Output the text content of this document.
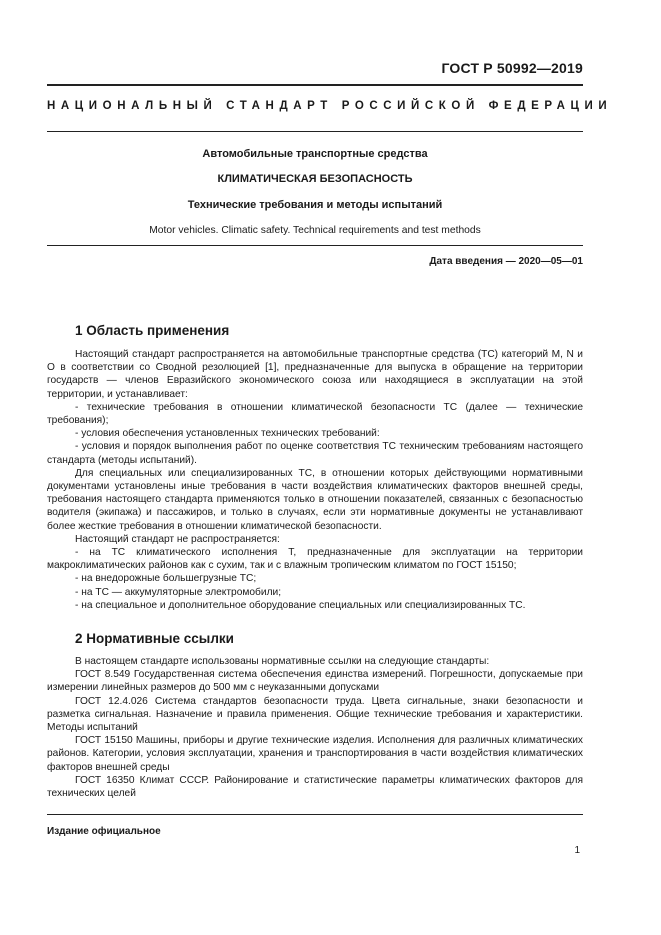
ГОСТ Р 50992—2019
НАЦИОНАЛЬНЫЙ СТАНДАРТ РОССИЙСКОЙ ФЕДЕРАЦИИ
Автомобильные транспортные средства
КЛИМАТИЧЕСКАЯ БЕЗОПАСНОСТЬ
Технические требования и методы испытаний
Motor vehicles. Climatic safety. Technical requirements and test methods
Дата введения — 2020—05—01
1 Область применения

Настоящий стандарт распространяется на автомобильные транспортные средства (ТС) категорий M, N и O в соответствии со Сводной резолюцией [1], предназначенные для выпуска в обращение на территории государств — членов Евразийского экономического союза или находящиеся в эксплуатации на этой территории, и устанавливает:

- технические требования в отношении климатической безопасности ТС (далее — технические требования);

- условия обеспечения установленных технических требований:

- условия и порядок выполнения работ по оценке соответствия ТС техническим требованиям настоящего стандарта (методы испытаний).

Для специальных или специализированных ТС, в отношении которых действующими нормативными документами установлены иные требования в части воздействия климатических факторов внешней среды, требования настоящего стандарта применяются только в отношении показателей, связанных с безопасностью водителя (экипажа) и пассажиров, и только в случаях, если эти нормативные документы не устанавливают более жесткие требования в отношении климатической безопасности.

Настоящий стандарт не распространяется:

- на ТС климатического исполнения Т, предназначенные для эксплуатации на территории макроклиматических районов как с сухим, так и с влажным тропическим климатом по ГОСТ 15150;

- на внедорожные большегрузные ТС;

- на ТС — аккумуляторные электромобили;

- на специальное и дополнительное оборудование специальных или специализированных ТС.

2 Нормативные ссылки

В настоящем стандарте использованы нормативные ссылки на следующие стандарты:

ГОСТ 8.549 Государственная система обеспечения единства измерений. Погрешности, допускаемые при измерении линейных размеров до 500 мм с неуказанными допусками

ГОСТ 12.4.026 Система стандартов безопасности труда. Цвета сигнальные, знаки безопасности и разметка сигнальная. Назначение и правила применения. Общие технические требования и характеристики. Методы испытаний

ГОСТ 15150 Машины, приборы и другие технические изделия. Исполнения для различных климатических районов. Категории, условия эксплуатации, хранения и транспортирования в части воздействия климатических факторов внешней среды

ГОСТ 16350 Климат СССР. Районирование и статистические параметры климатических факторов для технических целей

Издание официальное
1
